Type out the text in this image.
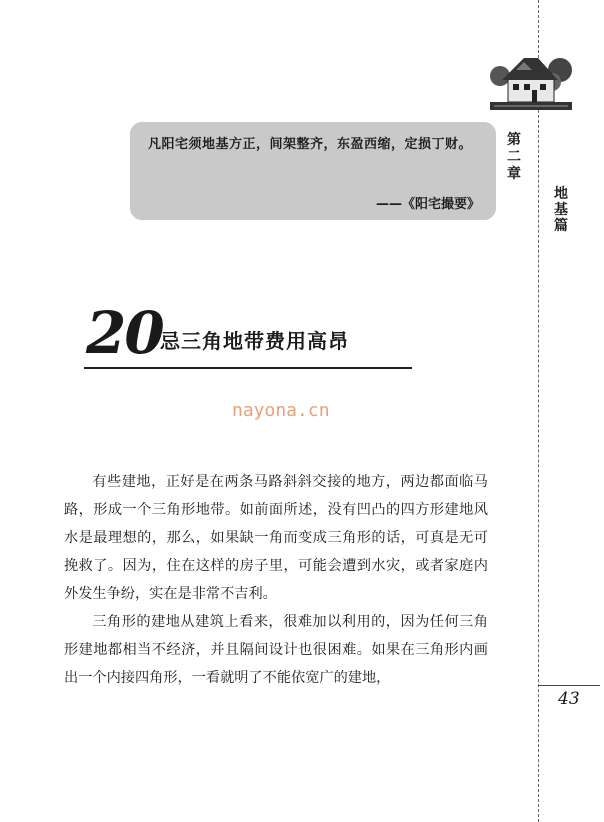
第二章
地基篇
凡阳宅须地基方正，间架整齐，东盈西缩，定损丁财。
——《阳宅撮要》
20
忌三角地带费用高昂
nayona.cn

有些建地，正好是在两条马路斜斜交接的地方，两边都面临马路，形成一个三角形地带。如前面所述，没有凹凸的四方形建地风水是最理想的，那么，如果缺一角而变成三角形的话，可真是无可挽救了。因为，住在这样的房子里，可能会遭到水灾，或者家庭内外发生争纷，实在是非常不吉利。

三角形的建地从建筑上看来，很难加以利用的，因为任何三角形建地都相当不经济，并且隔间设计也很困难。如果在三角形内画出一个内接四角形，一看就明了不能依宽广的建地，

43
